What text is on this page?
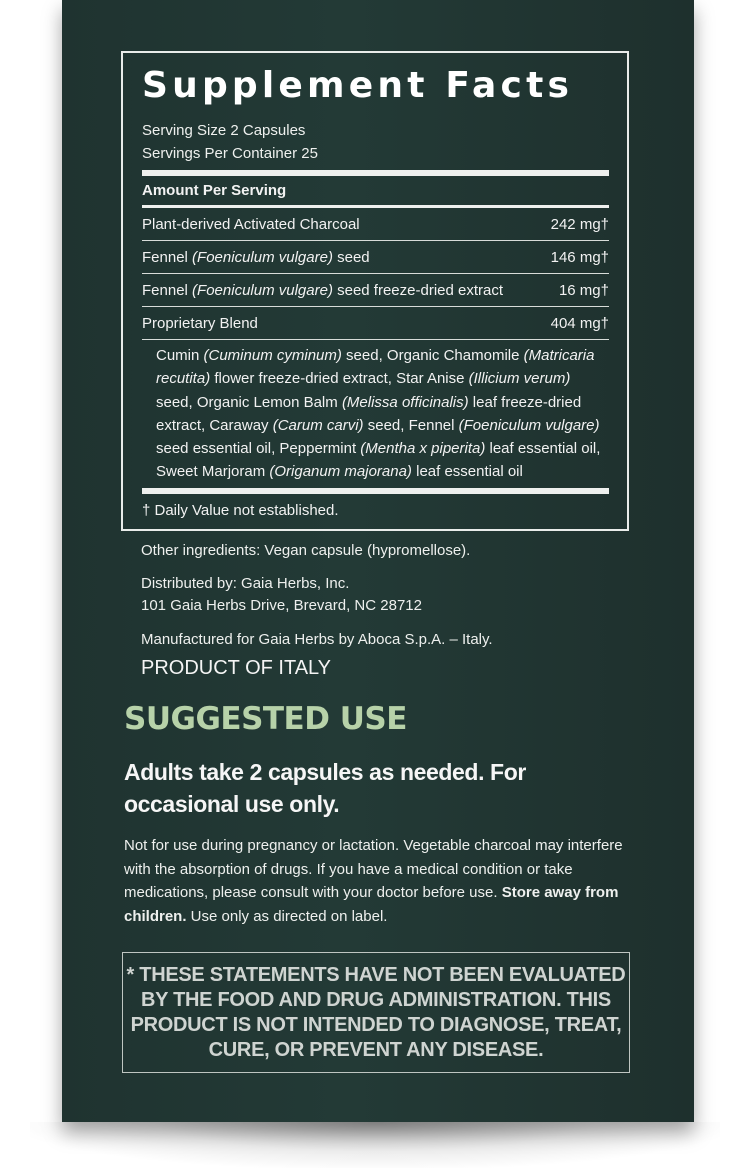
Supplement Facts
Serving Size 2 Capsules
Servings Per Container 25
Amount Per Serving
Plant-derived Activated Charcoal	242 mg†
Fennel (Foeniculum vulgare) seed	146 mg†
Fennel (Foeniculum vulgare) seed freeze-dried extract	16 mg†
Proprietary Blend	404 mg†
Cumin (Cuminum cyminum) seed, Organic Chamomile (Matricaria recutita) flower freeze-dried extract, Star Anise (Illicium verum) seed, Organic Lemon Balm (Melissa officinalis) leaf freeze-dried extract, Caraway (Carum carvi) seed, Fennel (Foeniculum vulgare) seed essential oil, Peppermint (Mentha x piperita) leaf essential oil, Sweet Marjoram (Origanum majorana) leaf essential oil
† Daily Value not established.
Other ingredients: Vegan capsule (hypromellose).
Distributed by: Gaia Herbs, Inc.
101 Gaia Herbs Drive, Brevard, NC 28712
Manufactured for Gaia Herbs by Aboca S.p.A. – Italy.
PRODUCT OF ITALY
SUGGESTED USE
Adults take 2 capsules as needed. For occasional use only.
Not for use during pregnancy or lactation. Vegetable charcoal may interfere with the absorption of drugs. If you have a medical condition or take medications, please consult with your doctor before use. Store away from children. Use only as directed on label.
* THESE STATEMENTS HAVE NOT BEEN EVALUATED
BY THE FOOD AND DRUG ADMINISTRATION. THIS
PRODUCT IS NOT INTENDED TO DIAGNOSE, TREAT,
CURE, OR PREVENT ANY DISEASE.
